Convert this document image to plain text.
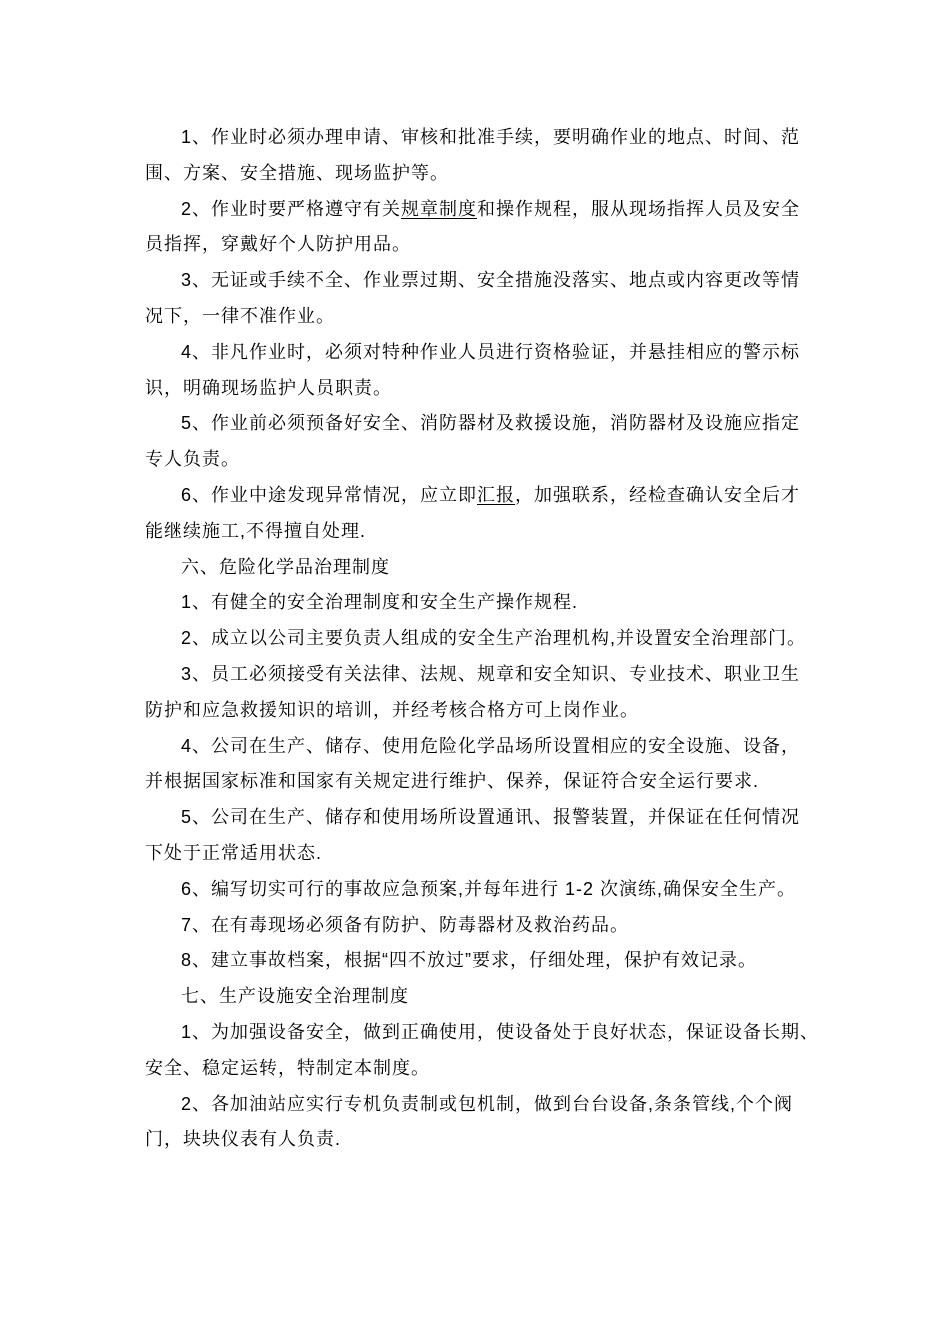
1、作业时必须办理申请、审核和批准手续，要明确作业的地点、时间、范
围、方案、安全措施、现场监护等。
2、作业时要严格遵守有关规章制度和操作规程，服从现场指挥人员及安全
员指挥，穿戴好个人防护用品。
3、无证或手续不全、作业票过期、安全措施没落实、地点或内容更改等情
况下，一律不准作业。
4、非凡作业时，必须对特种作业人员进行资格验证，并悬挂相应的警示标
识，明确现场监护人员职责。
5、作业前必须预备好安全、消防器材及救援设施，消防器材及设施应指定
专人负责。
6、作业中途发现异常情况，应立即汇报，加强联系，经检查确认安全后才
能继续施工,不得擅自处理.
六、危险化学品治理制度
1、有健全的安全治理制度和安全生产操作规程.
2、成立以公司主要负责人组成的安全生产治理机构,并设置安全治理部门。
3、员工必须接受有关法律、法规、规章和安全知识、专业技术、职业卫生
防护和应急救援知识的培训，并经考核合格方可上岗作业。
4、公司在生产、储存、使用危险化学品场所设置相应的安全设施、设备，
并根据国家标准和国家有关规定进行维护、保养，保证符合安全运行要求.
5、公司在生产、储存和使用场所设置通讯、报警装置，并保证在任何情况
下处于正常适用状态.
6、编写切实可行的事故应急预案,并每年进行 1-2 次演练,确保安全生产。
7、在有毒现场必须备有防护、防毒器材及救治药品。
8、建立事故档案，根据“四不放过”要求，仔细处理，保护有效记录。
七、生产设施安全治理制度
1、为加强设备安全，做到正确使用，使设备处于良好状态，保证设备长期、
安全、稳定运转，特制定本制度。
2、各加油站应实行专机负责制或包机制，做到台台设备,条条管线,个个阀
门，块块仪表有人负责.
